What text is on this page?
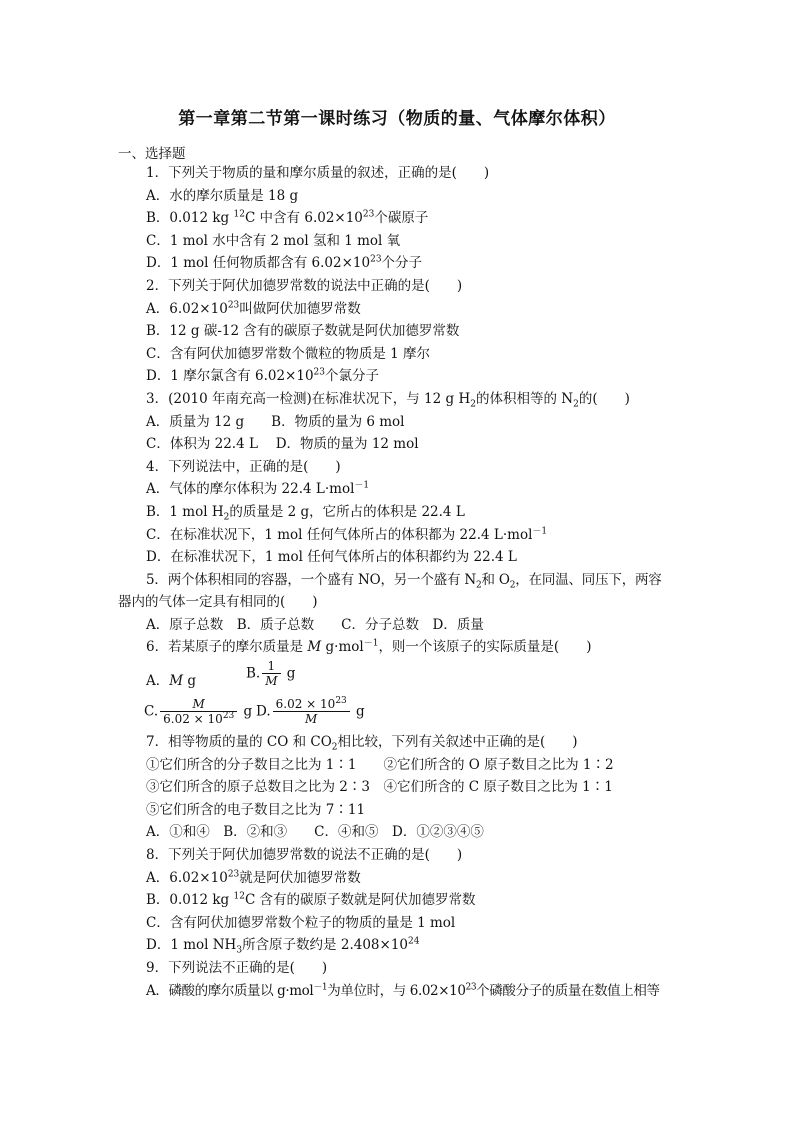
第一章第二节第一课时练习（物质的量、气体摩尔体积）
一、选择题
1．下列关于物质的量和摩尔质量的叙述，正确的是(　　)
A．水的摩尔质量是 18 g
B．0.012 kg $^{12}$C 中含有 $6.02\times 10^{23}$个碳原子
C．1 mol 水中含有 2 mol 氢和 1 mol 氧
D．1 mol 任何物质都含有 $6.02\times 10^{23}$个分子
2．下列关于阿伏加德罗常数的说法中正确的是(　　)
A．$6.02\times 10^{23}$叫做阿伏加德罗常数
B．12 g 碳-12 含有的碳原子数就是阿伏加德罗常数
C．含有阿伏加德罗常数个微粒的物质是 1 摩尔
D．1 摩尔氯含有 $6.02\times 10^{23}$个氯分子
3．(2010 年南充高一检测)在标准状况下，与 12 g $H_2$的体积相等的 $N_2$的(　　)
A．质量为 12 g　　B．物质的量为 6 mol
C．体积为 22.4 L　 D．物质的量为 12 mol
4．下列说法中，正确的是(　　)
A．气体的摩尔体积为 22.4 L·mol$^{-1}$
B．1 mol $H_2$的质量是 2 g，它所占的体积是 22.4 L
C．在标准状况下，1 mol 任何气体所占的体积都为 22.4 L·mol$^{-1}$
D．在标准状况下，1 mol 任何气体所占的体积都约为 22.4 L
5．两个体积相同的容器，一个盛有 NO，另一个盛有 $N_2$和 $O_2$，在同温、同压下，两容
器内的气体一定具有相同的(　　)
A．原子总数　B．质子总数　　C．分子总数　D．质量
6．若某原子的摩尔质量是 M g·mol$^{-1}$，则一个该原子的实际质量是(　　)
A．M g	B. $\frac{1}{M}$ g
C. $\frac{M}{6.02 \times 10^{23}}$ g D. $\frac{6.02 \times 10^{23}}{M}$ g
7．相等物质的量的 CO 和 $CO_2$相比较，下列有关叙述中正确的是(　　)
①它们所含的分子数目之比为 1∶1　　②它们所含的 O 原子数目之比为 1∶2
③它们所含的原子总数目之比为 2∶3　④它们所含的 C 原子数目之比为 1∶1
⑤它们所含的电子数目之比为 7∶11
A．①和④　B．②和③　　C．④和⑤　D．①②③④⑤
8．下列关于阿伏加德罗常数的说法不正确的是(　　)
A．$6.02\times 10^{23}$就是阿伏加德罗常数
B．0.012 kg $^{12}$C 含有的碳原子数就是阿伏加德罗常数
C．含有阿伏加德罗常数个粒子的物质的量是 1 mol
D．1 mol $NH_3$所含原子数约是 $2.408\times 10^{24}$
9．下列说法不正确的是(　　)
A．磷酸的摩尔质量以 g·mol$^{-1}$为单位时，与 $6.02\times 10^{23}$个磷酸分子的质量在数值上相等
